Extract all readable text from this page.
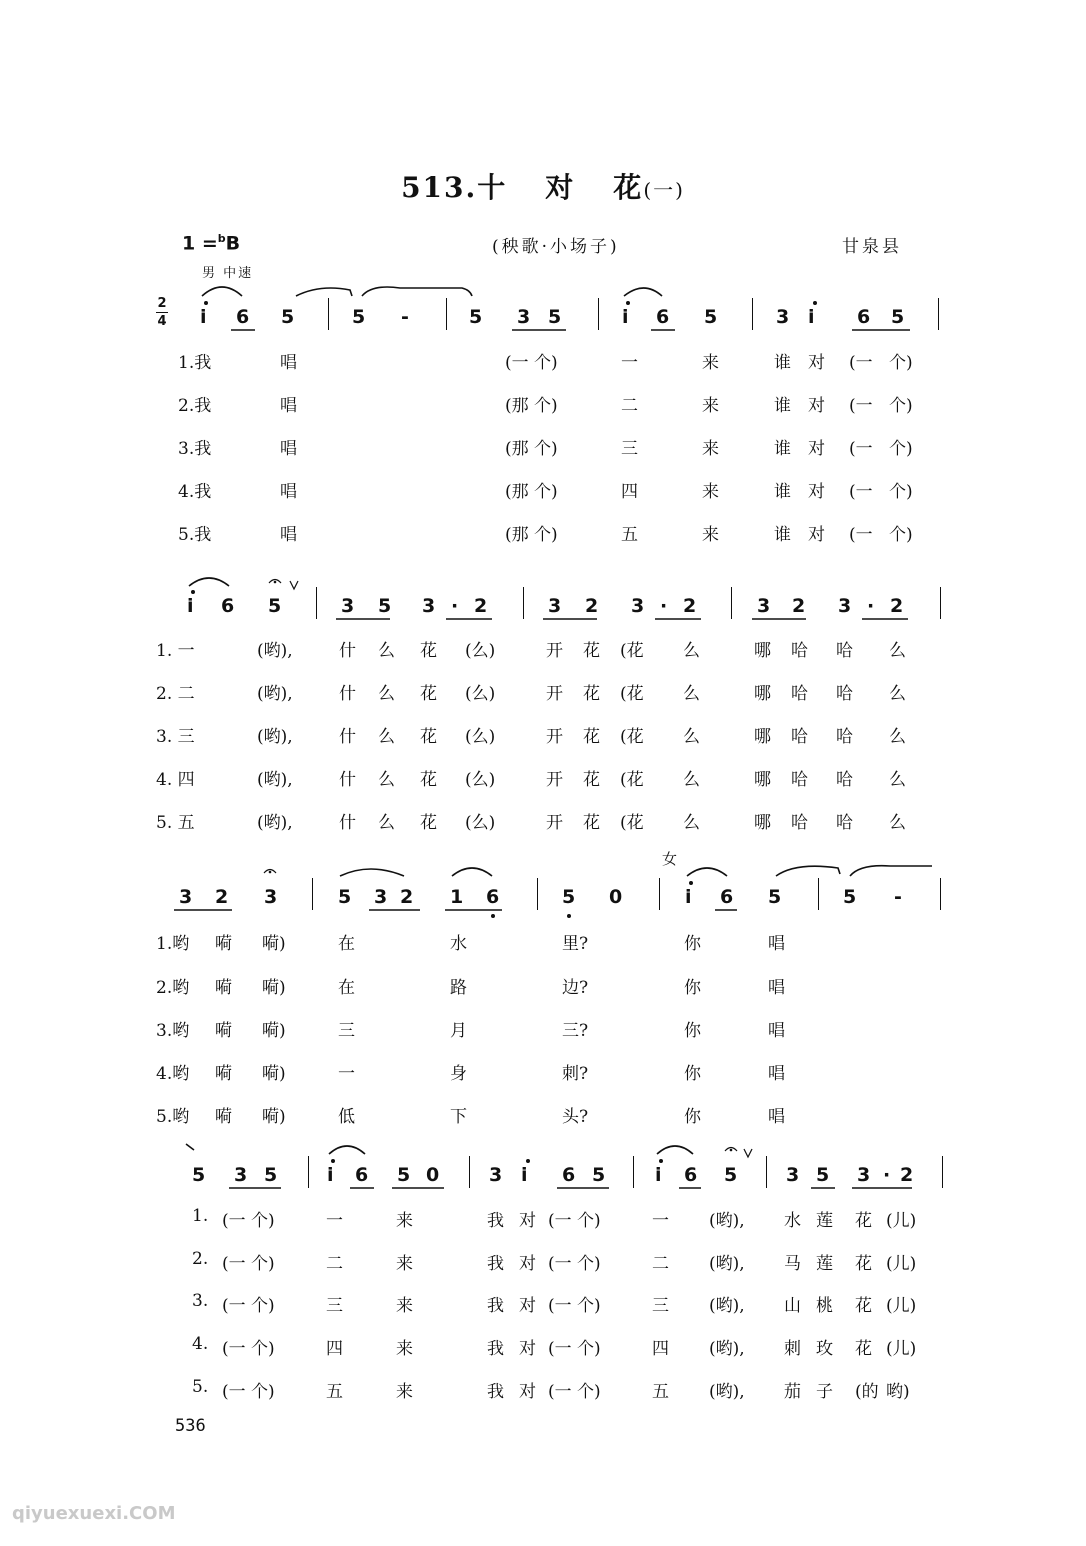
513.十对花(一)
1 =$^b$B	(秧歌·小场子)	甘泉县
男 中速
2
4
女
i 6 5	5 -	5 3 5	i 6 5	3 i 6 5
1.我	唱	(一 个)	一	来	谁 对 (一 个)
2.我	唱	(那 个)	二	来	谁 对 (一 个)
3.我	唱	(那 个)	三	来	谁 对 (一 个)
4.我	唱	(那 个)	四	来	谁 对 (一 个)
5.我	唱	(那 个)	五	来	谁 对 (一 个)
i 6 5	3 5 3 · 2	3 2 3 · 2	3 2 3 · 2
1. 一	(哟),	什 么 花 (么)	开 花 (花 么	哪 哈 哈 么
2. 二	(哟),	什 么 花 (么)	开 花 (花 么	哪 哈 哈 么
3. 三	(哟),	什 么 花 (么)	开 花 (花 么	哪 哈 哈 么
4. 四	(哟),	什 么 花 (么)	开 花 (花 么	哪 哈 哈 么
5. 五	(哟),	什 么 花 (么)	开 花 (花 么	哪 哈 哈 么
3 2 3	5 3 2 1 6	5 0	i 6 5	5 -
1.哟 嗬 嗬)	在	水	里?	你	唱
2.哟 嗬 嗬)	在	路	边?	你	唱
3.哟 嗬 嗬)	三	月	三?	你	唱
4.哟 嗬 嗬)	一	身	刺?	你	唱
5.哟 嗬 嗬)	低	下	头?	你	唱
5 3 5	i 6 5 0	3 i 6 5	i 6 5	3 5 3 · 2
1. (一 个)	一	来	我 对 (一 个)	一 (哟), 水 莲 花 (儿)
2. (一 个)	二	来	我 对 (一 个)	二 (哟), 马 莲 花 (儿)
3. (一 个)	三	来	我 对 (一 个)	三 (哟), 山 桃 花 (儿)
4. (一 个)	四	来	我 对 (一 个)	四 (哟), 刺 玫 花 (儿)
5. (一 个)	五	来	我 对 (一 个)	五 (哟), 茄 子 (的 哟)
536
qiyuexuexi.COM
